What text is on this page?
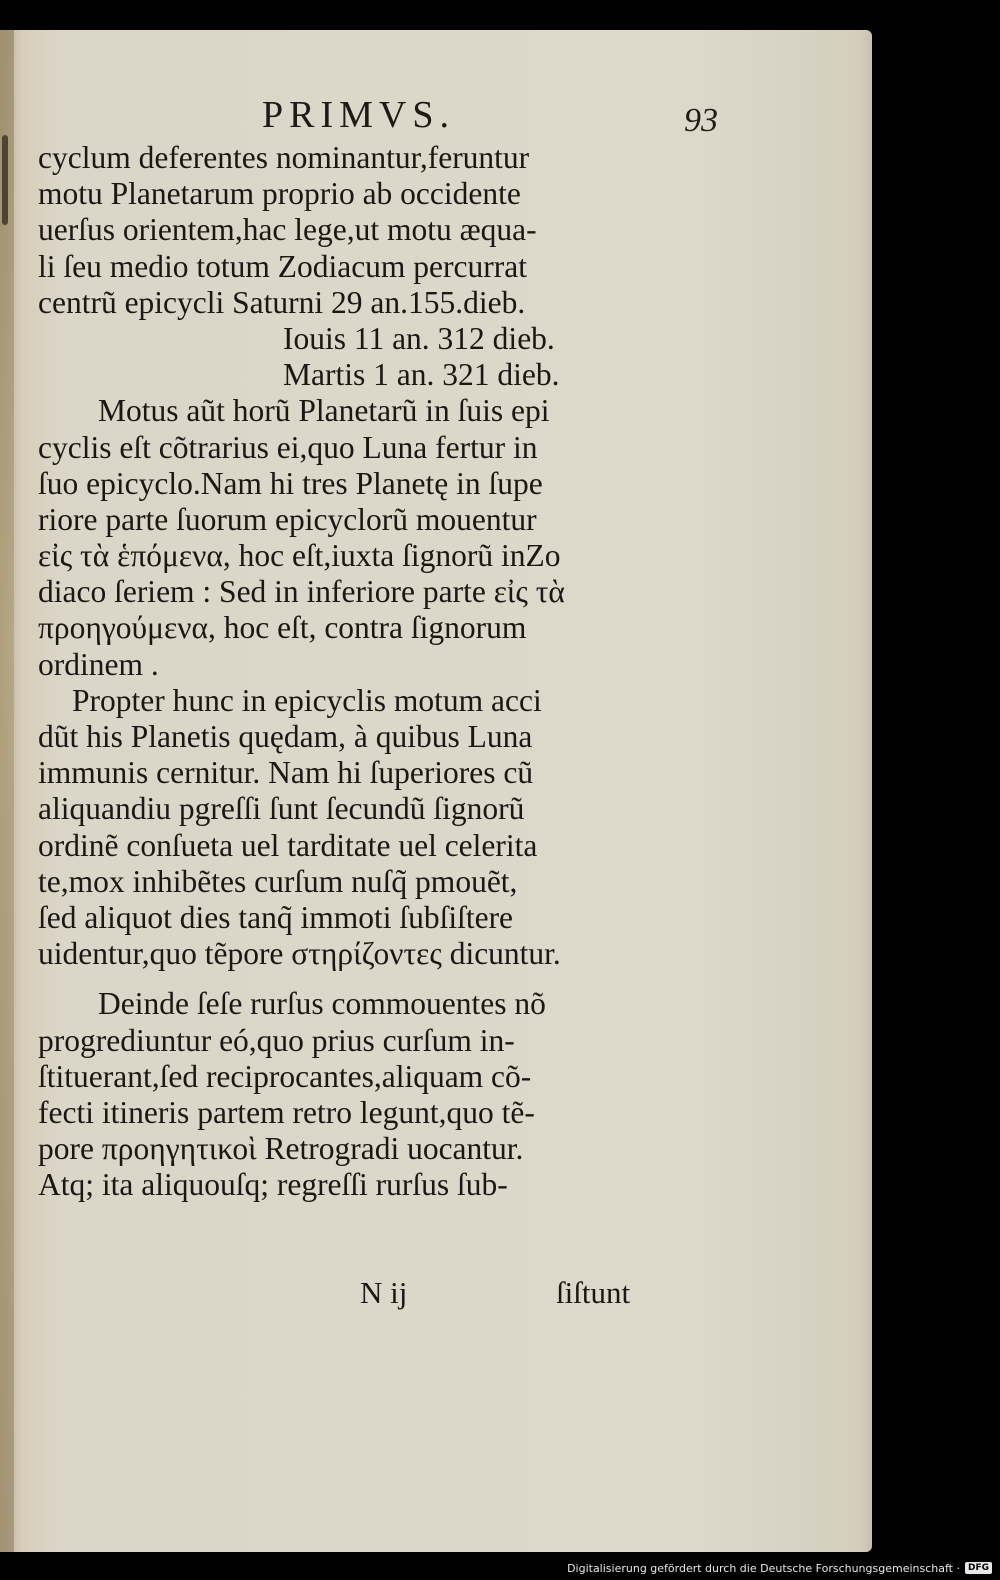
PRIMVS.	93
cyclum deferentes nominantur,feruntur
motu Planetarum proprio ab occidente
uerſus orientem,hac lege,ut motu æqua-
li ſeu medio totum Zodiacum percurrat
centrũ epicycli Saturni 29 an.155.dieb.
Iouis 11 an. 312 dieb.
Martis 1 an. 321 dieb.
Motus aũt horũ Planetarũ in ſuis epi
cyclis eſt cõtrarius ei,quo Luna fertur in
ſuo epicyclo.Nam hi tres Planetę in ſupe
riore parte ſuorum epicyclorũ mouentur
εἰς τὰ ἑπόμενα, hoc eſt,iuxta ſignorũ inZo
diaco ſeriem : Sed in inferiore parte εἰς τὰ
προηγούμενα, hoc eſt, contra ſignorum
ordinem .
Propter hunc in epicyclis motum acci
dũt his Planetis quędam, à quibus Luna
immunis cernitur. Nam hi ſuperiores cũ
aliquandiu pgreſſi ſunt ſecundũ ſignorũ
ordinẽ conſueta uel tarditate uel celerita
te,mox inhibẽtes curſum nuſq̃ pmouẽt,
ſed aliquot dies tanq̃ immoti ſubſiſtere
uidentur,quo tẽpore στηρίζοντες dicuntur.
Deinde ſeſe rurſus commouentes nõ
progrediuntur eó,quo prius curſum in-
ſtituerant,ſed reciprocantes,aliquam cõ-
fecti itineris partem retro legunt,quo tẽ-
pore προηγητικοὶ Retrogradi uocantur.
Atq; ita aliquouſq; regreſſi rurſus ſub-
N ij	ſiſtunt
Digitalisierung gefördert durch die Deutsche Forschungsgemeinschaft · DFG
